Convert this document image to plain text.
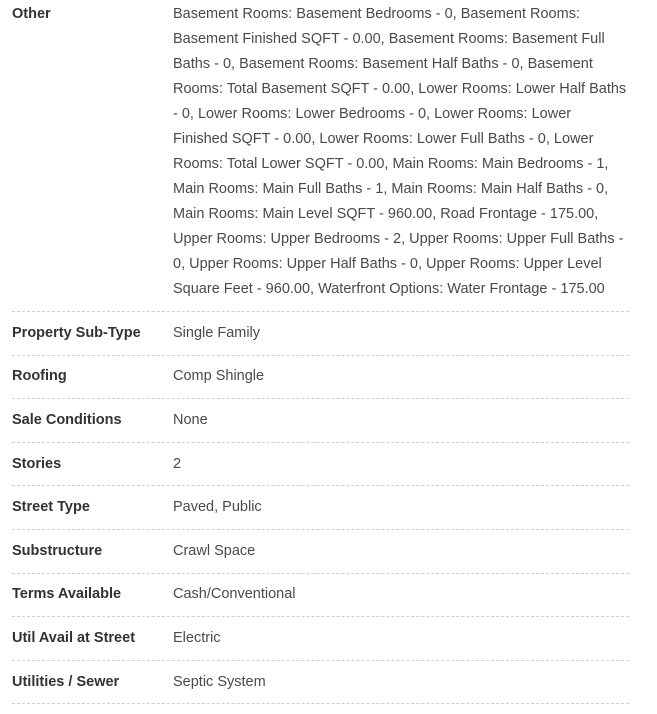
Other	Basement Rooms: Basement Bedrooms - 0, Basement Rooms: Basement Finished SQFT - 0.00, Basement Rooms: Basement Full Baths - 0, Basement Rooms: Basement Half Baths - 0, Basement Rooms: Total Basement SQFT - 0.00, Lower Rooms: Lower Half Baths - 0, Lower Rooms: Lower Bedrooms - 0, Lower Rooms: Lower Finished SQFT - 0.00, Lower Rooms: Lower Full Baths - 0, Lower Rooms: Total Lower SQFT - 0.00, Main Rooms: Main Bedrooms - 1, Main Rooms: Main Full Baths - 1, Main Rooms: Main Half Baths - 0, Main Rooms: Main Level SQFT - 960.00, Road Frontage - 175.00, Upper Rooms: Upper Bedrooms - 2, Upper Rooms: Upper Full Baths - 0, Upper Rooms: Upper Half Baths - 0, Upper Rooms: Upper Level Square Feet - 960.00, Waterfront Options: Water Frontage - 175.00
Property Sub-Type	Single Family
Roofing	Comp Shingle
Sale Conditions	None
Stories	2
Street Type	Paved, Public
Substructure	Crawl Space
Terms Available	Cash/Conventional
Util Avail at Street	Electric
Utilities / Sewer	Septic System
